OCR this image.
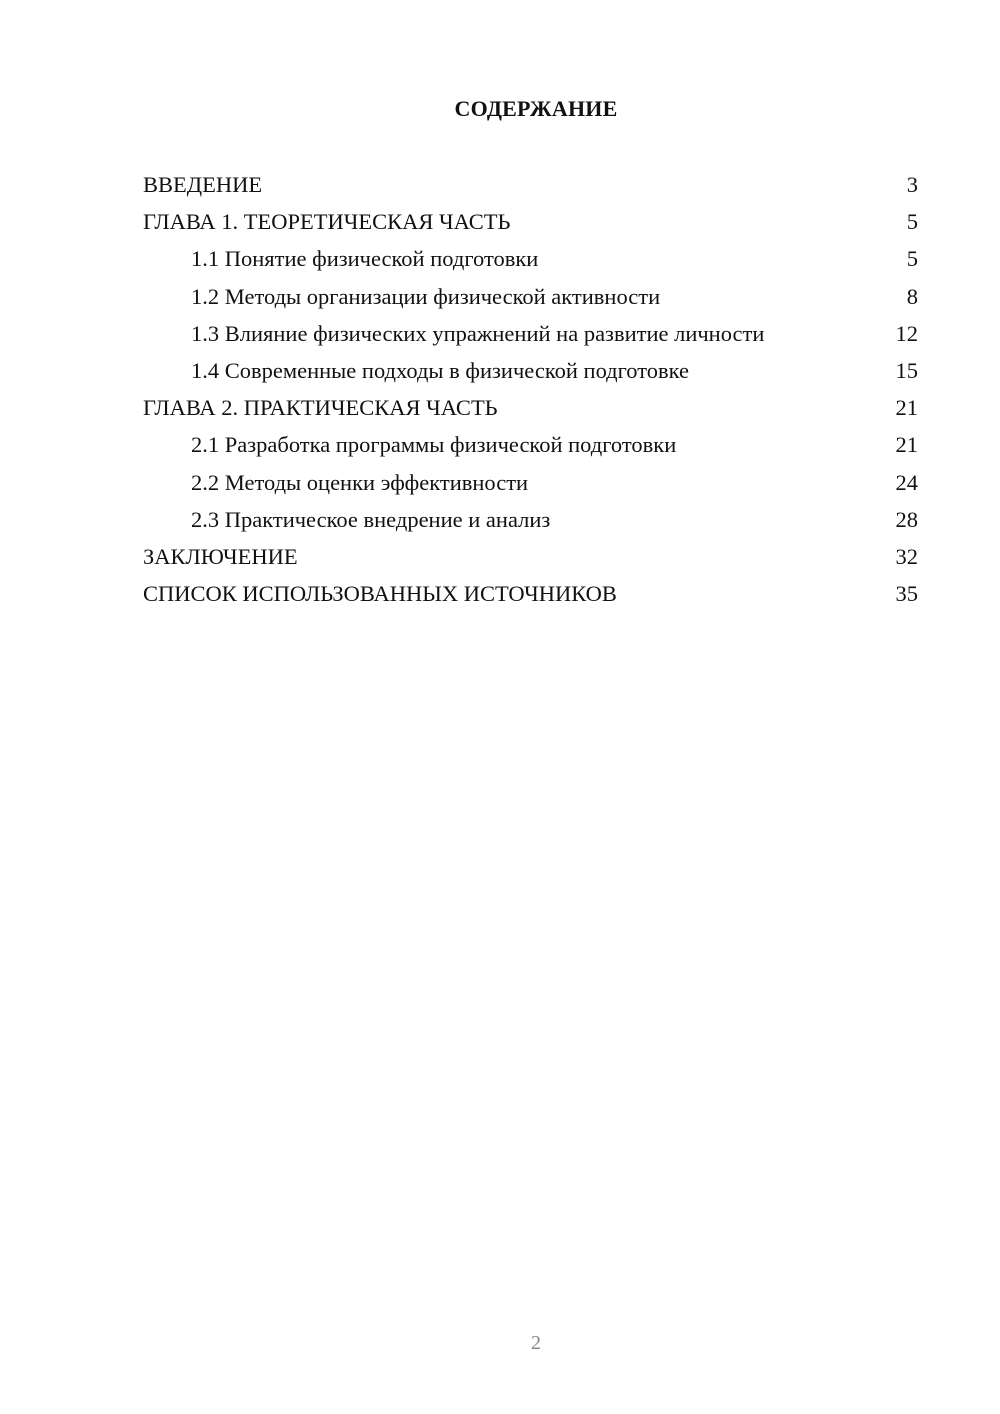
СОДЕРЖАНИЕ
ВВЕДЕНИЕ	3
ГЛАВА 1. ТЕОРЕТИЧЕСКАЯ ЧАСТЬ	5
1.1 Понятие физической подготовки	5
1.2 Методы организации физической активности	8
1.3 Влияние физических упражнений на развитие личности	12
1.4 Современные подходы в физической подготовке	15
ГЛАВА 2. ПРАКТИЧЕСКАЯ ЧАСТЬ	21
2.1 Разработка программы физической подготовки	21
2.2 Методы оценки эффективности	24
2.3 Практическое внедрение и анализ	28
ЗАКЛЮЧЕНИЕ	32
СПИСОК ИСПОЛЬЗОВАННЫХ ИСТОЧНИКОВ	35
2
